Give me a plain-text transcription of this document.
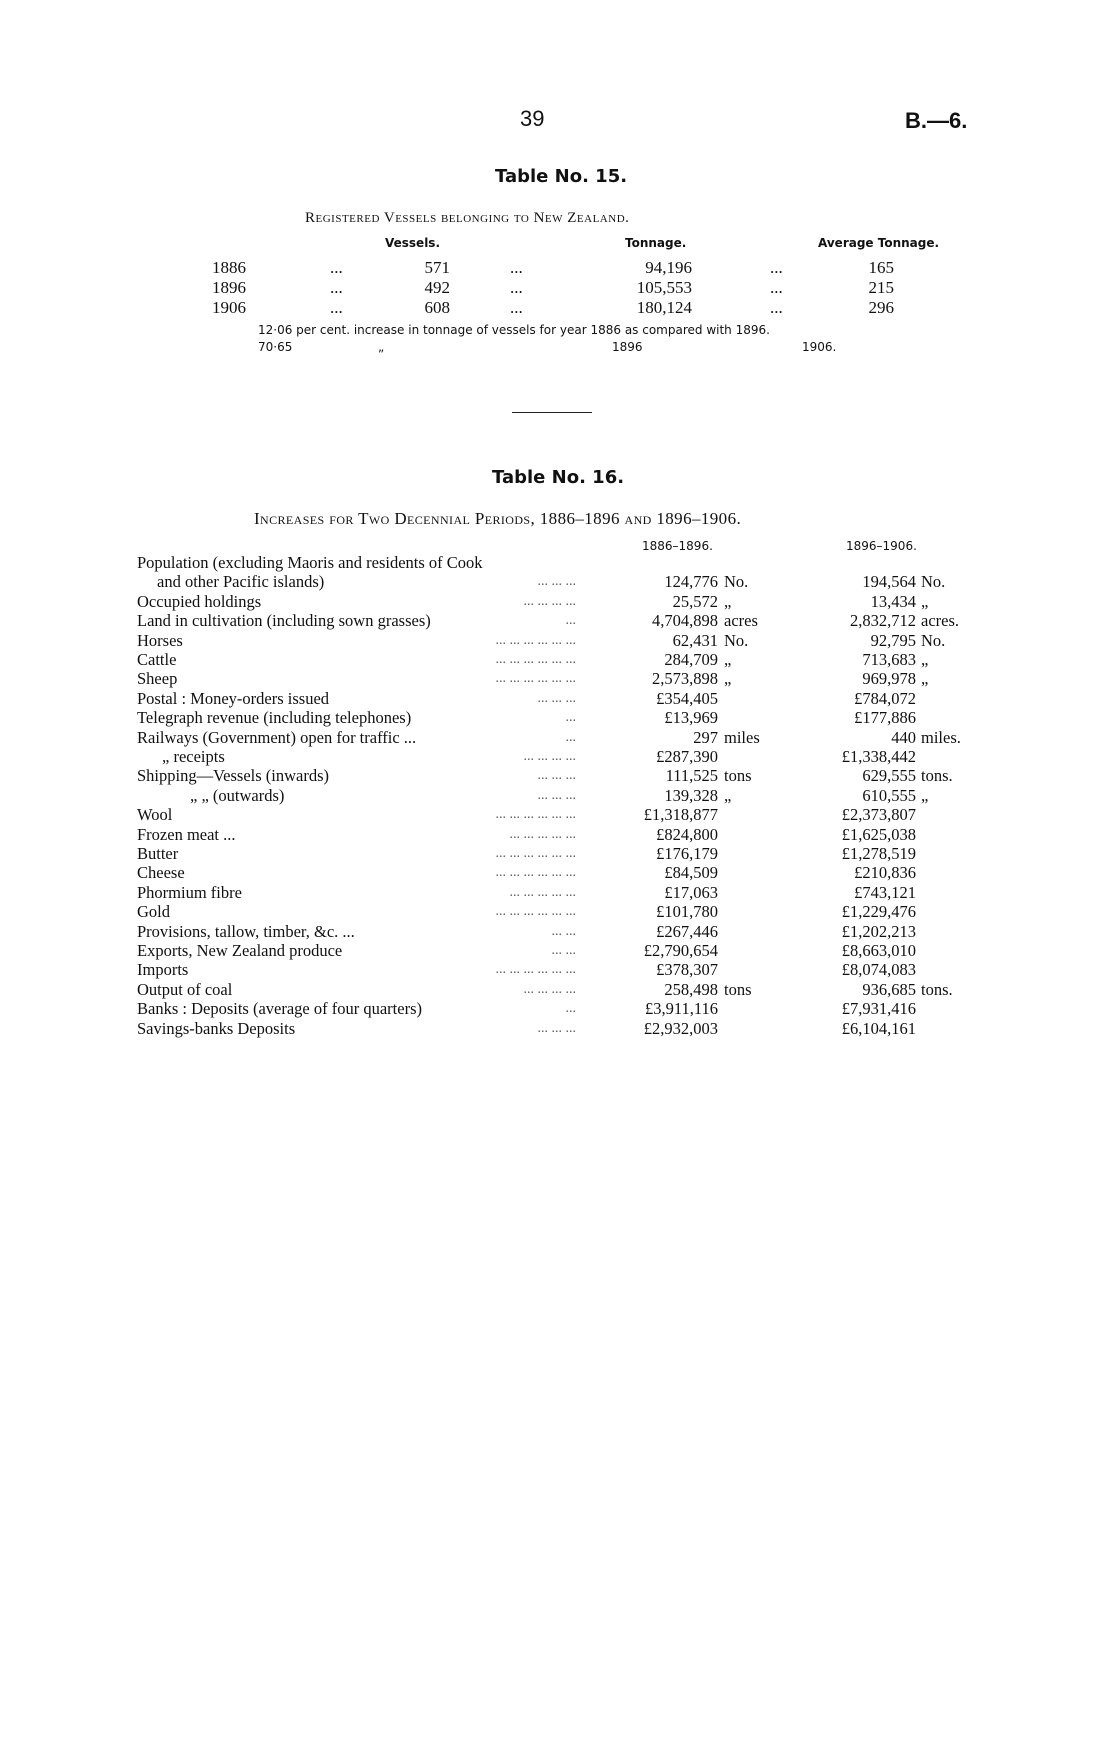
39	B.—6.
Table No. 15.
Registered Vessels belonging to New Zealand.
Vessels.	Tonnage.	Average Tonnage.
1886	...	571	...	94,196	...	165
1896	...	492	...	105,553	...	215
1906	...	608	...	180,124	...	296
12·06 per cent. increase in tonnage of vessels for year 1886 as compared with 1896.
70·65	„	1896	1906.
Table No. 16.
Increases for Two Decennial Periods, 1886–1896 and 1896–1906.
1886–1896.	1896–1906.
Population (excluding Maoris and residents of Cook
and other Pacific islands)	... ... ...	124,776 No.	194,564 No.
Occupied holdings	... ... ... ...	25,572 „	13,434 „
Land in cultivation (including sown grasses)	...	4,704,898 acres	2,832,712 acres.
Horses	... ... ... ... ... ...	62,431 No.	92,795 No.
Cattle	... ... ... ... ... ...	284,709 „	713,683 „
Sheep	... ... ... ... ... ...	2,573,898 „	969,978 „
Postal : Money-orders issued	... ... ...	£354,405	£784,072
Telegraph revenue (including telephones)	...	£13,969	£177,886
Railways (Government) open for traffic ...	...	297 miles	440 miles.
„ receipts	... ... ... ...	£287,390	£1,338,442
Shipping—Vessels (inwards)	... ... ...	111,525 tons	629,555 tons.
„ „ (outwards)	... ... ...	139,328 „	610,555 „
Wool	... ... ... ... ... ...	£1,318,877	£2,373,807
Frozen meat ...	... ... ... ... ...	£824,800	£1,625,038
Butter	... ... ... ... ... ...	£176,179	£1,278,519
Cheese	... ... ... ... ... ...	£84,509	£210,836
Phormium fibre	... ... ... ... ...	£17,063	£743,121
Gold	... ... ... ... ... ...	£101,780	£1,229,476
Provisions, tallow, timber, &c. ...	... ...	£267,446	£1,202,213
Exports, New Zealand produce	... ...	£2,790,654	£8,663,010
Imports	... ... ... ... ... ...	£378,307	£8,074,083
Output of coal	... ... ... ...	258,498 tons	936,685 tons.
Banks : Deposits (average of four quarters)	...	£3,911,116	£7,931,416
Savings-banks Deposits	... ... ...	£2,932,003	£6,104,161
